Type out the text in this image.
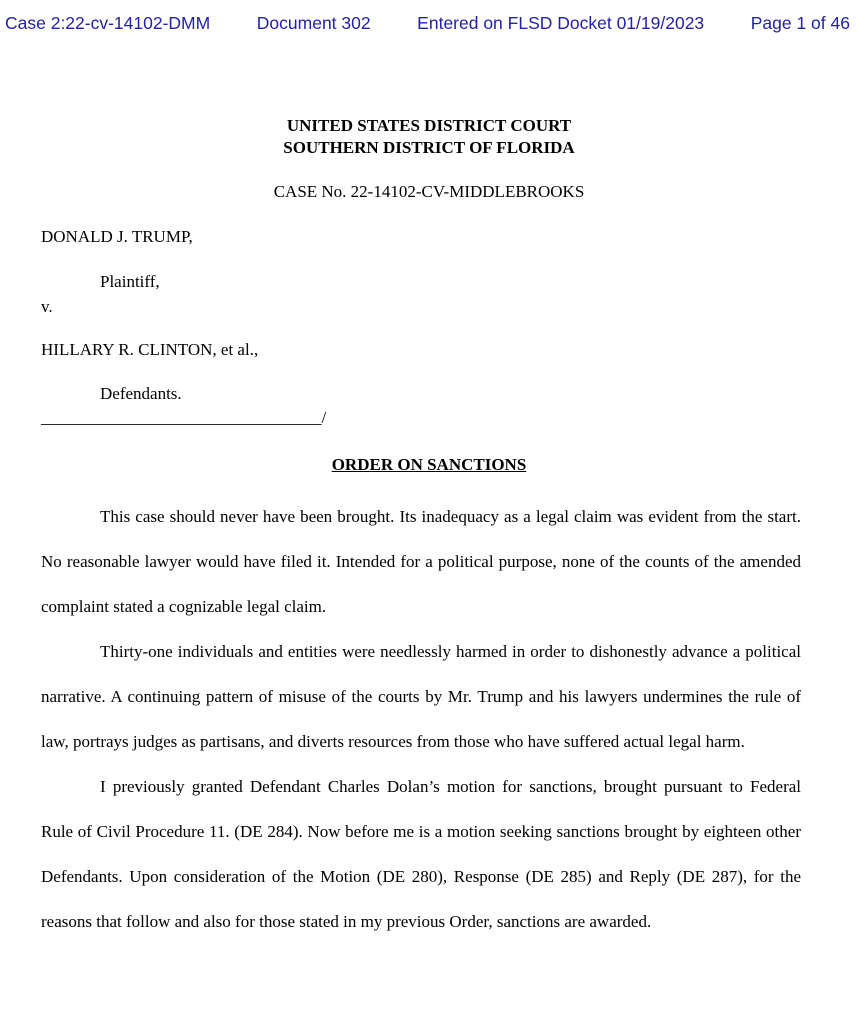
Case 2:22-cv-14102-DMM	Document 302	Entered on FLSD Docket 01/19/2023	Page 1 of 46
UNITED STATES DISTRICT COURT
SOUTHERN DISTRICT OF FLORIDA
CASE No. 22-14102-CV-MIDDLEBROOKS
DONALD J. TRUMP,
Plaintiff,
v.
HILLARY R. CLINTON, et al.,
Defendants.
_________________________________/
ORDER ON SANCTIONS

This case should never have been brought. Its inadequacy as a legal claim was evident from the start. No reasonable lawyer would have filed it. Intended for a political purpose, none of the counts of the amended complaint stated a cognizable legal claim.

Thirty-one individuals and entities were needlessly harmed in order to dishonestly advance a political narrative. A continuing pattern of misuse of the courts by Mr. Trump and his lawyers undermines the rule of law, portrays judges as partisans, and diverts resources from those who have suffered actual legal harm.

I previously granted Defendant Charles Dolan’s motion for sanctions, brought pursuant to Federal Rule of Civil Procedure 11. (DE 284). Now before me is a motion seeking sanctions brought by eighteen other Defendants. Upon consideration of the Motion (DE 280), Response (DE 285) and Reply (DE 287), for the reasons that follow and also for those stated in my previous Order, sanctions are awarded.
